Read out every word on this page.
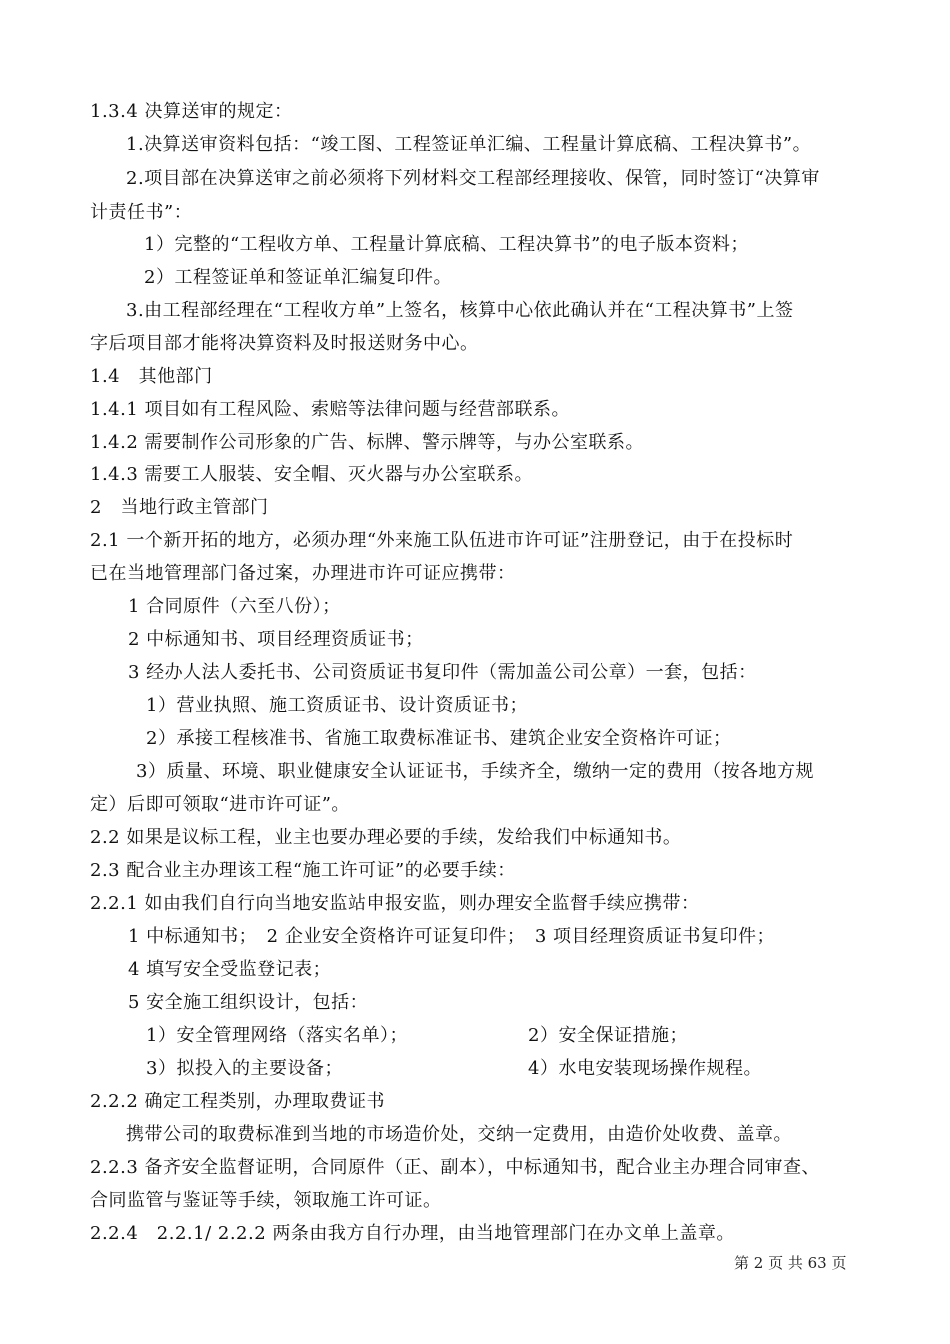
1.3.4 决算送审的规定：
1.决算送审资料包括：“竣工图、工程签证单汇编、工程量计算底稿、工程决算书”。
2.项目部在决算送审之前必须将下列材料交工程部经理接收、保管，同时签订“决算审
计责任书”：
1）完整的“工程收方单、工程量计算底稿、工程决算书”的电子版本资料；
2）工程签证单和签证单汇编复印件。
3.由工程部经理在“工程收方单”上签名，核算中心依此确认并在“工程决算书”上签
字后项目部才能将决算资料及时报送财务中心。
1.4　其他部门
1.4.1 项目如有工程风险、索赔等法律问题与经营部联系。
1.4.2 需要制作公司形象的广告、标牌、警示牌等，与办公室联系。
1.4.3 需要工人服装、安全帽、灭火器与办公室联系。
2　当地行政主管部门
2.1 一个新开拓的地方，必须办理“外来施工队伍进市许可证”注册登记，由于在投标时
已在当地管理部门备过案，办理进市许可证应携带：
1 合同原件（六至八份）；
2 中标通知书、项目经理资质证书；
3 经办人法人委托书、公司资质证书复印件（需加盖公司公章）一套，包括：
1）营业执照、施工资质证书、设计资质证书；
2）承接工程核准书、省施工取费标准证书、建筑企业安全资格许可证；
3）质量、环境、职业健康安全认证证书，手续齐全，缴纳一定的费用（按各地方规
定）后即可领取“进市许可证”。
2.2 如果是议标工程，业主也要办理必要的手续，发给我们中标通知书。
2.3 配合业主办理该工程“施工许可证”的必要手续：
2.2.1 如由我们自行向当地安监站申报安监，则办理安全监督手续应携带：
1 中标通知书；　2 企业安全资格许可证复印件；　3 项目经理资质证书复印件；
4 填写安全受监登记表；
5 安全施工组织设计，包括：
1）安全管理网络（落实名单）；	2）安全保证措施；
3）拟投入的主要设备；	4）水电安装现场操作规程。
2.2.2 确定工程类别，办理取费证书
携带公司的取费标准到当地的市场造价处，交纳一定费用，由造价处收费、盖章。
2.2.3 备齐安全监督证明，合同原件（正、副本），中标通知书，配合业主办理合同审查、
合同监管与鉴证等手续，领取施工许可证。
2.2.4　2.2.1/ 2.2.2 两条由我方自行办理，由当地管理部门在办文单上盖章。
第 2 页 共 63 页
